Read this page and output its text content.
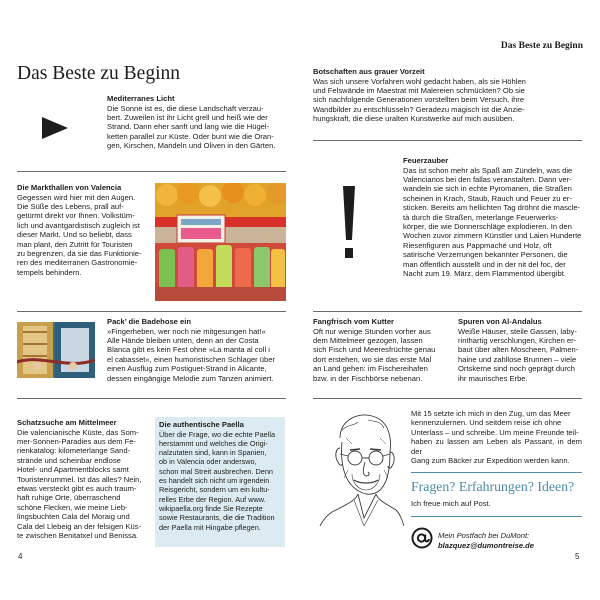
Das Beste zu Beginn
Das Beste zu Beginn

Mediterranes Licht

Die Sonne ist es, die diese Landschaft verzau-
bert. Zuweilen ist ihr Licht grell und heiß wie der
Strand. Dann eher sanft und lang wie die Hügel-
ketten parallel zur Küste. Oder bunt wie die Oran-
gen, Kirschen, Mandeln und Oliven in den Gärten.

Die Markthallen von Valencia

Gegessen wird hier mit den Augen.
Die Süße des Lebens, prall auf-
getürmt direkt vor Ihnen. Volkstüm-
lich und avantgardistisch zugleich ist
dieser Markt. Und so beliebt, dass
man plant, den Zutritt für Touristen
zu begrenzen, da sie das Funktionie-
ren des mediterranen Gastronomie-
tempels behindern.

Pack’ die Badehose ein

»Fingerheben, wer noch nie mitgesungen hat!«
Alle Hände bleiben unten, denn an der Costa
Blanca gibt es kein Fest ohne »La manta al coll i
el cabasset«, einen humoristischen Schlager über
einen Ausflug zum Postiguet-Strand in Alicante,
dessen eingängige Melodie zum Tanzen animiert.

Schatzsuche am Mittelmeer

Die valencianische Küste, das Som-
mer-Sonnen-Paradies aus dem Fe-
rienkatalog: kilometerlange Sand-
strände und scheinbar endlose
Hotel- und Apartmentblocks samt
Touristenrummel. Ist das alles? Nein,
etwas versteckt gibt es auch traum-
haft ruhige Orte, überraschend
schöne Flecken, wie meine Lieb-
lingsbuchten Cala del Moraig und
Cala del Llebeig an der felsigen Küs-
te zwischen Benitatxel und Benissa.

Die authentische Paella

Über die Frage, wo die echte Paella
herstammt und welches die Origi-
nalzutaten sind, kann in Spanien,
ob in Valencia oder anderswo,
schon mal Streit ausbrechen. Denn
es handelt sich nicht um irgendein
Reisgericht, sondern um ein kultu-
relles Erbe der Region. Auf www.
wikipaella.org finde Sie Rezepte
sowie Restaurants, die die Tradition
der Paella mit Hingabe pflegen.
4

Botschaften aus grauer Vorzeit

Was sich unsere Vorfahren wohl gedacht haben, als sie Höhlen
und Felswände im Maestrat mit Malereien schmückten? Ob sie
sich nachfolgende Generationen vorstellten beim Versuch, ihre
Wandbilder zu entschlüsseln? Geradezu magisch ist die Anzie-
hungskraft, die diese uralten Kunstwerke auf mich ausüben.

Feuerzauber

Das ist schon mehr als Spaß am Zündeln, was die
Valencianos bei den fallas veranstalten. Dann ver-
wandeln sie sich in echte Pyromanen, die Straßen
scheinen in Krach, Staub, Rauch und Feuer zu er-
sticken. Bereits am hellichten Tag dröhnt die mascle-
tà durch die Straßen, meterlange Feuerwerks-
körper, die wie Donnerschläge explodieren. In den
Wochen zuvor zimmern Künstler und Laien Hunderte
Riesenfiguren aus Pappmaché und Holz, oft
satirische Verzerrungen bekannter Personen, die
man öffentlich ausstellt und in der nit del foc, der
Nacht zum 19. März, dem Flammentod übergibt.

Fangfrisch vom Kutter

Oft nur wenige Stunden vorher aus
dem Mittelmeer gezogen, lassen
sich Fisch und Meeresfrüchte genau
dort erstehen, wo sie das erste Mal
an Land gehen: im Fischereihafen
bzw. in der Fischbörse nebenan.

Spuren von Al-Andalus

Weiße Häuser, steile Gassen, laby-
rinthartig verschlungen, Kirchen er-
baut über alten Moscheen, Palmen-
haine und zahllose Brunnen – viele
Ortskerne sind noch geprägt durch
ihr maurisches Erbe.
Mit 15 setzte ich mich in den Zug, um das Meer
kennenzulernen. Und seitdem reise ich ohne
Unterlass – und schreibe. Um meine Freunde teil-
haben zu lassen am Leben als Passant, in dem der
Gang zum Bäcker zur Expedition werden kann.
Fragen? Erfahrungen? Ideen?
Ich freue mich auf Post.
Mein Postfach bei DuMont:
blazquez@dumontreise.de
5
